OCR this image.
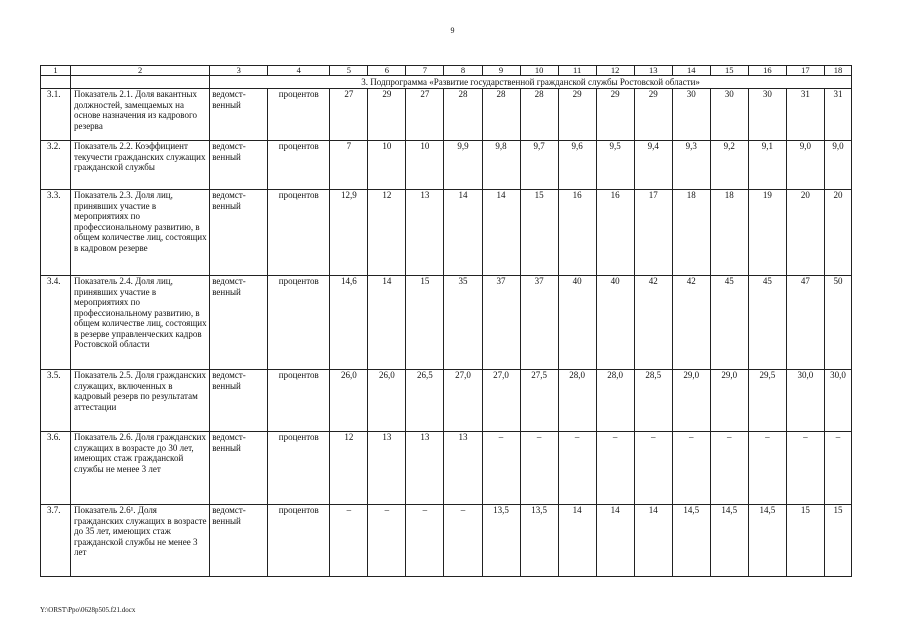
9
1	2	3	4	5	6	7	8	9	10	11	12	13	14	15	16	17	18
		3. Подпрограмма «Развитие государственной гражданской службы Ростовской области»															
3.1.	Показатель 2.1. Доля вакантных должностей, замещаемых на основе назначения из кадрового резерва	ведомст-венный	процентов	27	29	27	28	28	28	29	29	29	30	30	30	31	31
3.2.	Показатель 2.2. Коэффициент текучести гражданских служащих гражданской службы	ведомст-венный	процентов	7	10	10	9,9	9,8	9,7	9,6	9,5	9,4	9,3	9,2	9,1	9,0	9,0
3.3.	Показатель 2.3. Доля лиц, принявших участие в мероприятиях по профессиональному развитию, в общем количестве лиц, состоящих в кадровом резерве	ведомст-венный	процентов	12,9	12	13	14	14	15	16	16	17	18	18	19	20	20
3.4.	Показатель 2.4. Доля лиц, принявших участие в мероприятиях по профессиональному развитию, в общем количестве лиц, состоящих в резерве управленческих кадров Ростовской области	ведомст-венный	процентов	14,6	14	15	35	37	37	40	40	42	42	45	45	47	50
3.5.	Показатель 2.5. Доля гражданских служащих, включенных в кадровый резерв по результатам аттестации	ведомст-венный	процентов	26,0	26,0	26,5	27,0	27,0	27,5	28,0	28,0	28,5	29,0	29,0	29,5	30,0	30,0
3.6.	Показатель 2.6. Доля гражданских служащих в возрасте до 30 лет, имеющих стаж гражданской службы не менее 3 лет	ведомст-венный	процентов	12	13	13	13	–	–	–	–	–	–	–	–	–	–
3.7.	Показатель 2.6¹. Доля гражданских служащих в возрасте до 35 лет, имеющих стаж гражданской службы не менее 3 лет	ведомст-венный	процентов	–	–	–	–	13,5	13,5	14	14	14	14,5	14,5	14,5	15	15
Y:\ORST\Ppo\0628p505.f21.docx
